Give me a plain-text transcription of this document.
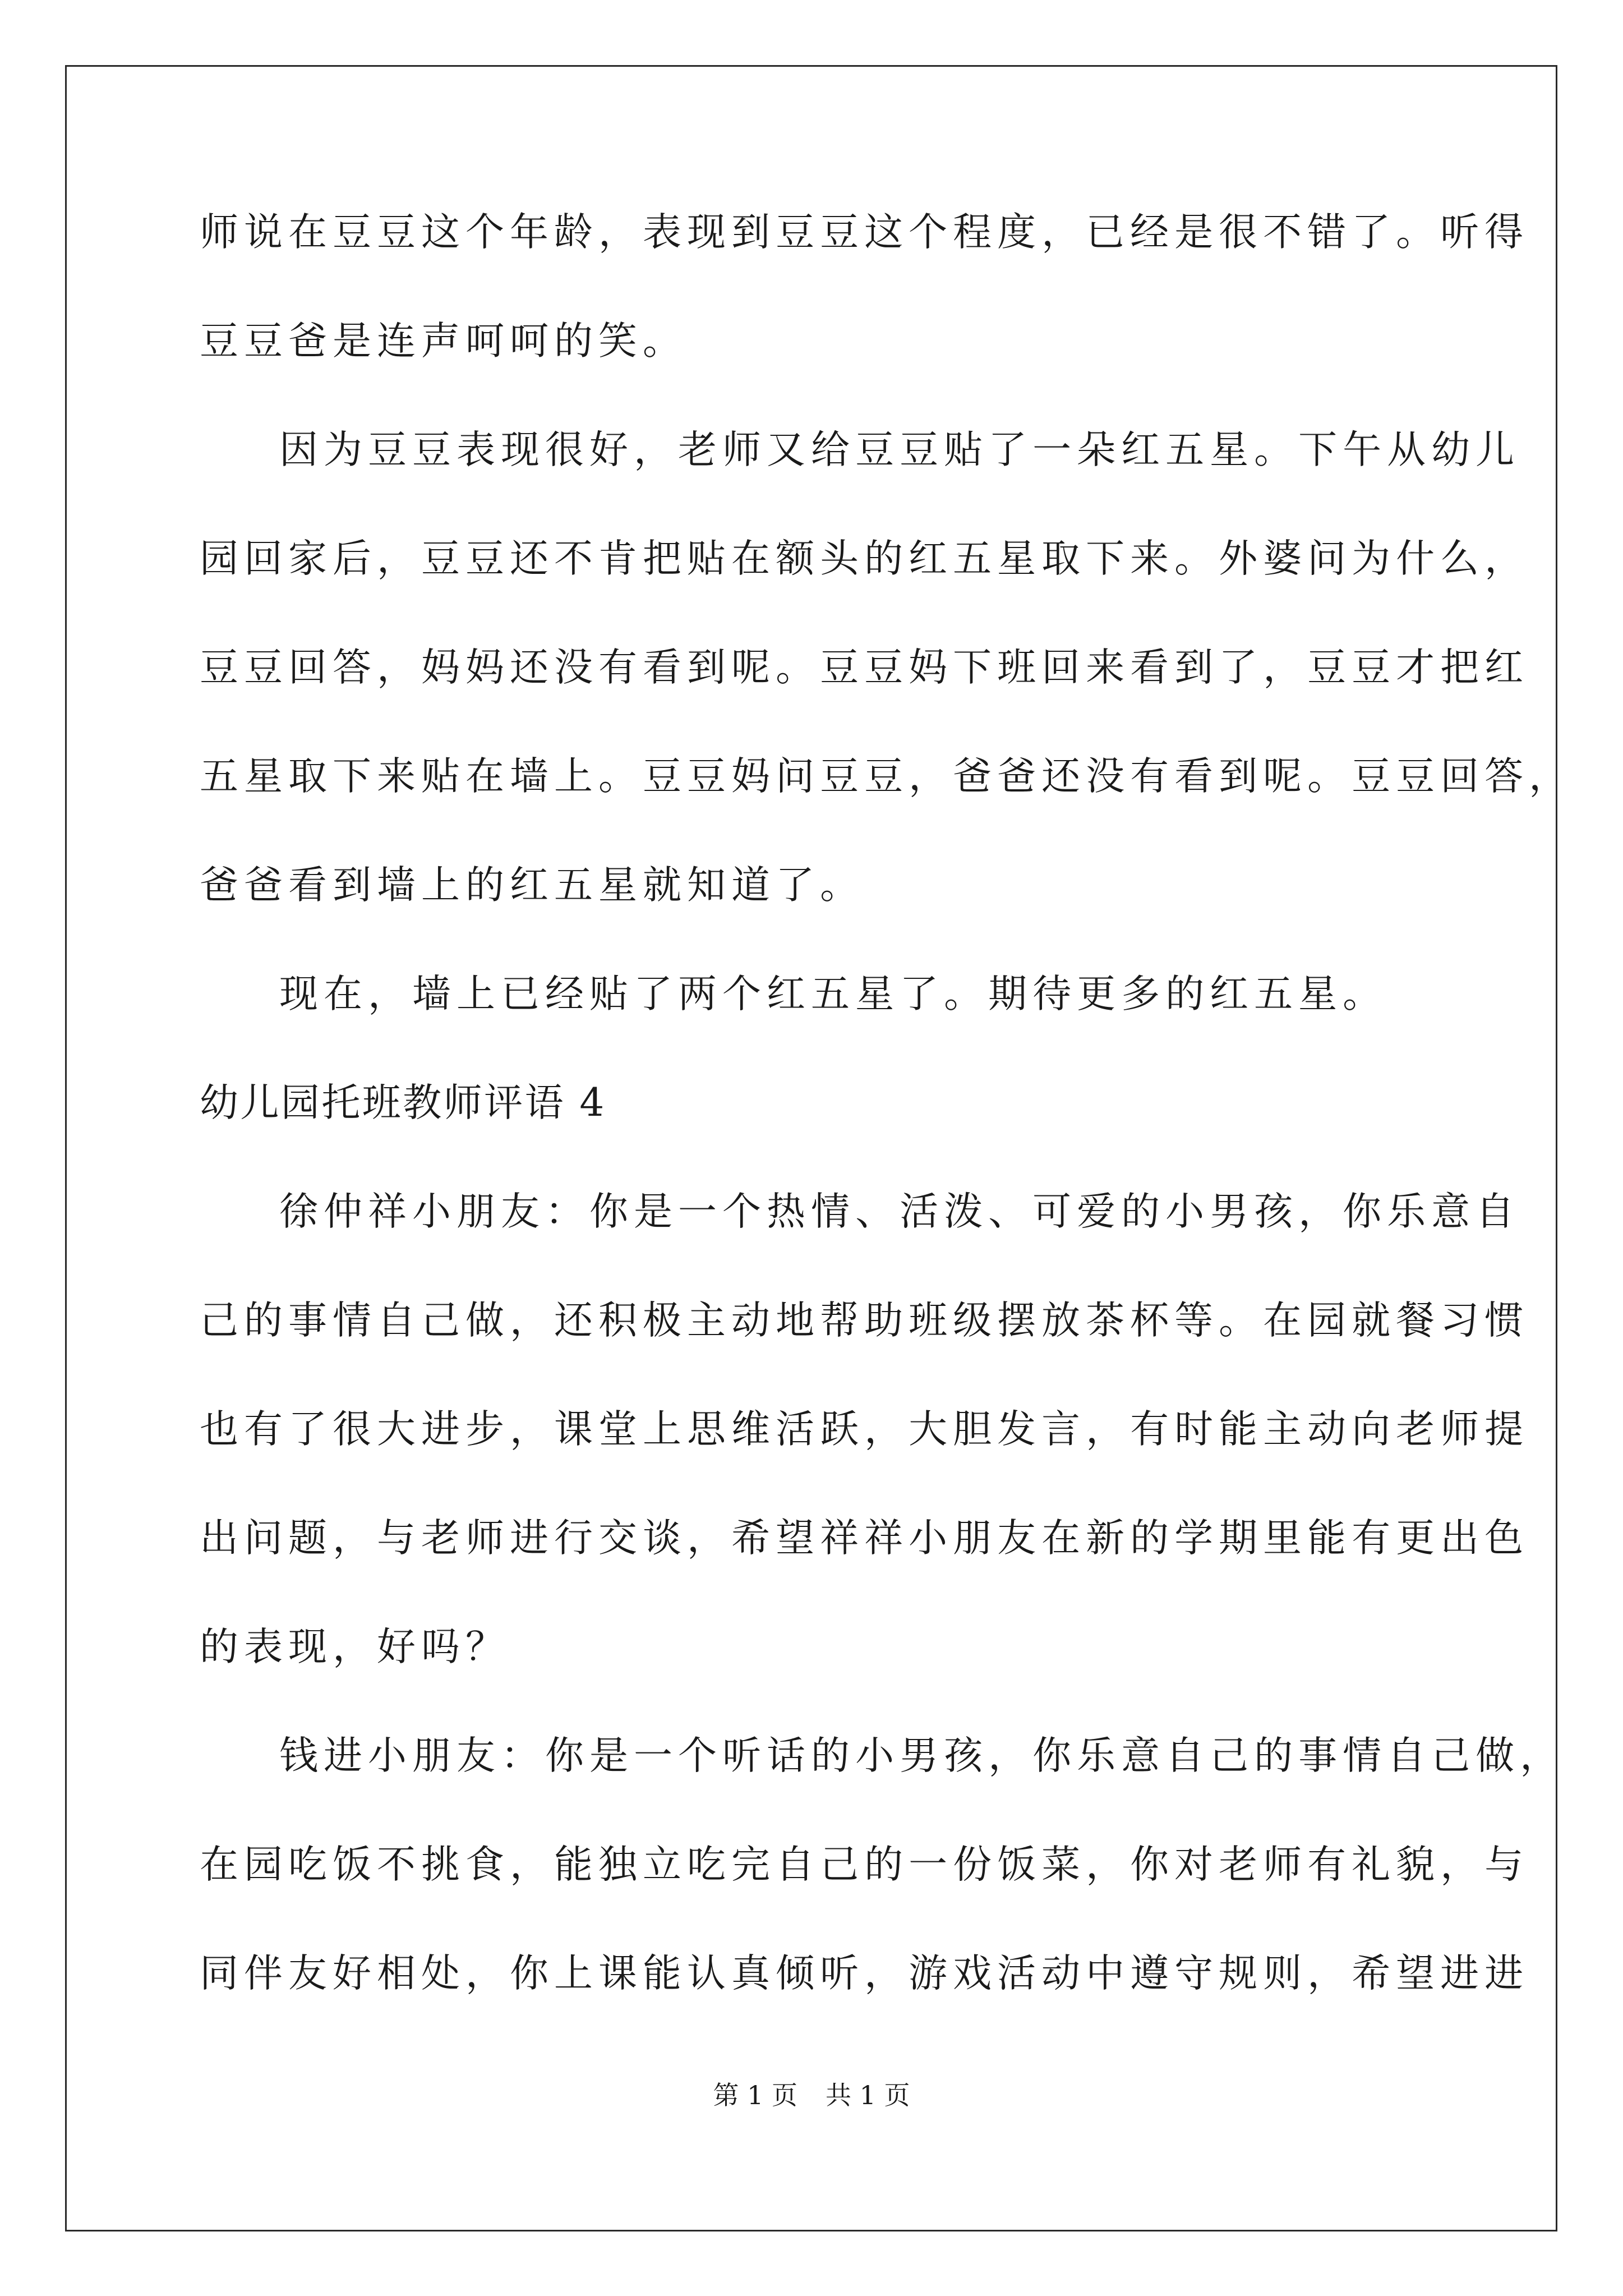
师说在豆豆这个年龄，表现到豆豆这个程度，已经是很不错了。听得
豆豆爸是连声呵呵的笑。
因为豆豆表现很好，老师又给豆豆贴了一朵红五星。下午从幼儿
园回家后，豆豆还不肯把贴在额头的红五星取下来。外婆问为什么，
豆豆回答，妈妈还没有看到呢。豆豆妈下班回来看到了，豆豆才把红
五星取下来贴在墙上。豆豆妈问豆豆，爸爸还没有看到呢。豆豆回答，
爸爸看到墙上的红五星就知道了。
现在，墙上已经贴了两个红五星了。期待更多的红五星。
幼儿园托班教师评语 4
徐仲祥小朋友：你是一个热情、活泼、可爱的小男孩，你乐意自
己的事情自己做，还积极主动地帮助班级摆放茶杯等。在园就餐习惯
也有了很大进步，课堂上思维活跃，大胆发言，有时能主动向老师提
出问题，与老师进行交谈，希望祥祥小朋友在新的学期里能有更出色
的表现，好吗？
钱进小朋友：你是一个听话的小男孩，你乐意自己的事情自己做，
在园吃饭不挑食，能独立吃完自己的一份饭菜，你对老师有礼貌，与
同伴友好相处，你上课能认真倾听，游戏活动中遵守规则，希望进进
第 1 页 共 1 页
